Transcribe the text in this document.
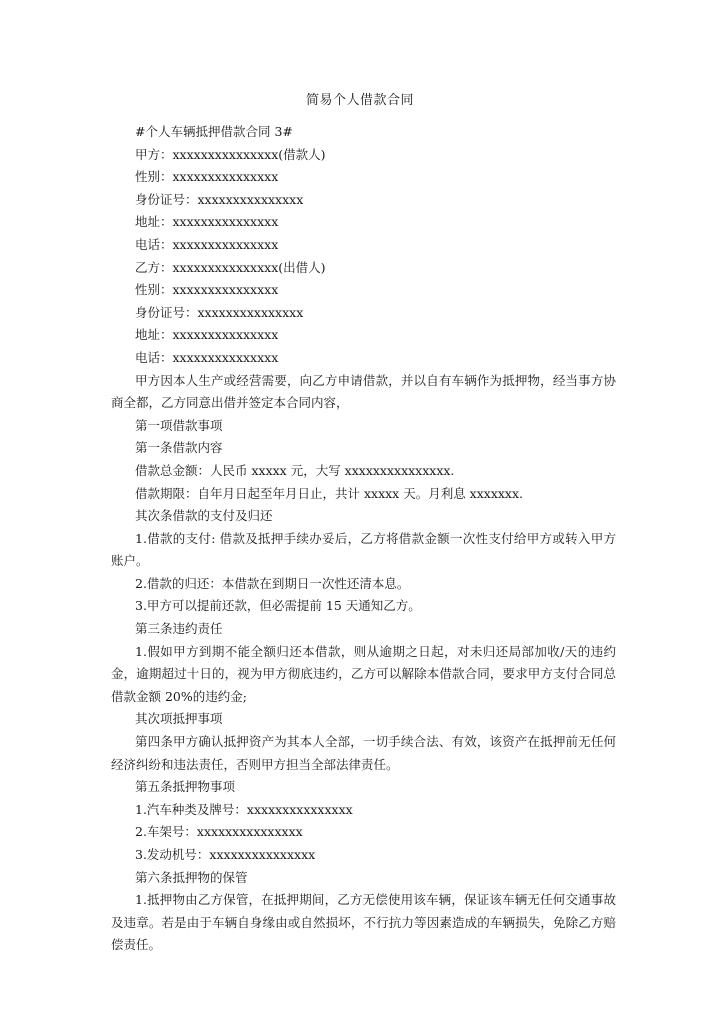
简易个人借款合同

#个人车辆抵押借款合同 3#

甲方：xxxxxxxxxxxxxxx(借款人)

性别：xxxxxxxxxxxxxxx

身份证号：xxxxxxxxxxxxxxx

地址：xxxxxxxxxxxxxxx

电话：xxxxxxxxxxxxxxx

乙方：xxxxxxxxxxxxxxx(出借人)

性别：xxxxxxxxxxxxxxx

身份证号：xxxxxxxxxxxxxxx

地址：xxxxxxxxxxxxxxx

电话：xxxxxxxxxxxxxxx

甲方因本人生产或经营需要，向乙方申请借款，并以自有车辆作为抵押物，经当事方协商全都，乙方同意出借并签定本合同内容，

第一项借款事项

第一条借款内容

借款总金额：人民币 xxxxx 元，大写 xxxxxxxxxxxxxxx.

借款期限：自年月日起至年月日止，共计 xxxxx 天。月利息 xxxxxxx.

其次条借款的支付及归还

1.借款的支付: 借款及抵押手续办妥后，乙方将借款金额一次性支付给甲方或转入甲方账户。

2.借款的归还：本借款在到期日一次性还清本息。

3.甲方可以提前还款，但必需提前 15 天通知乙方。

第三条违约责任

1.假如甲方到期不能全额归还本借款，则从逾期之日起，对未归还局部加收/天的违约金，逾期超过十日的，视为甲方彻底违约，乙方可以解除本借款合同，要求甲方支付合同总借款金额 20%的违约金;

其次项抵押事项

第四条甲方确认抵押资产为其本人全部，一切手续合法、有效，该资产在抵押前无任何经济纠纷和违法责任，否则甲方担当全部法律责任。

第五条抵押物事项

1.汽车种类及牌号：xxxxxxxxxxxxxxx

2.车架号：xxxxxxxxxxxxxxx

3.发动机号：xxxxxxxxxxxxxxx

第六条抵押物的保管

1.抵押物由乙方保管，在抵押期间，乙方无偿使用该车辆，保证该车辆无任何交通事故及违章。若是由于车辆自身缘由或自然损坏，不行抗力等因素造成的车辆损失，免除乙方赔偿责任。
